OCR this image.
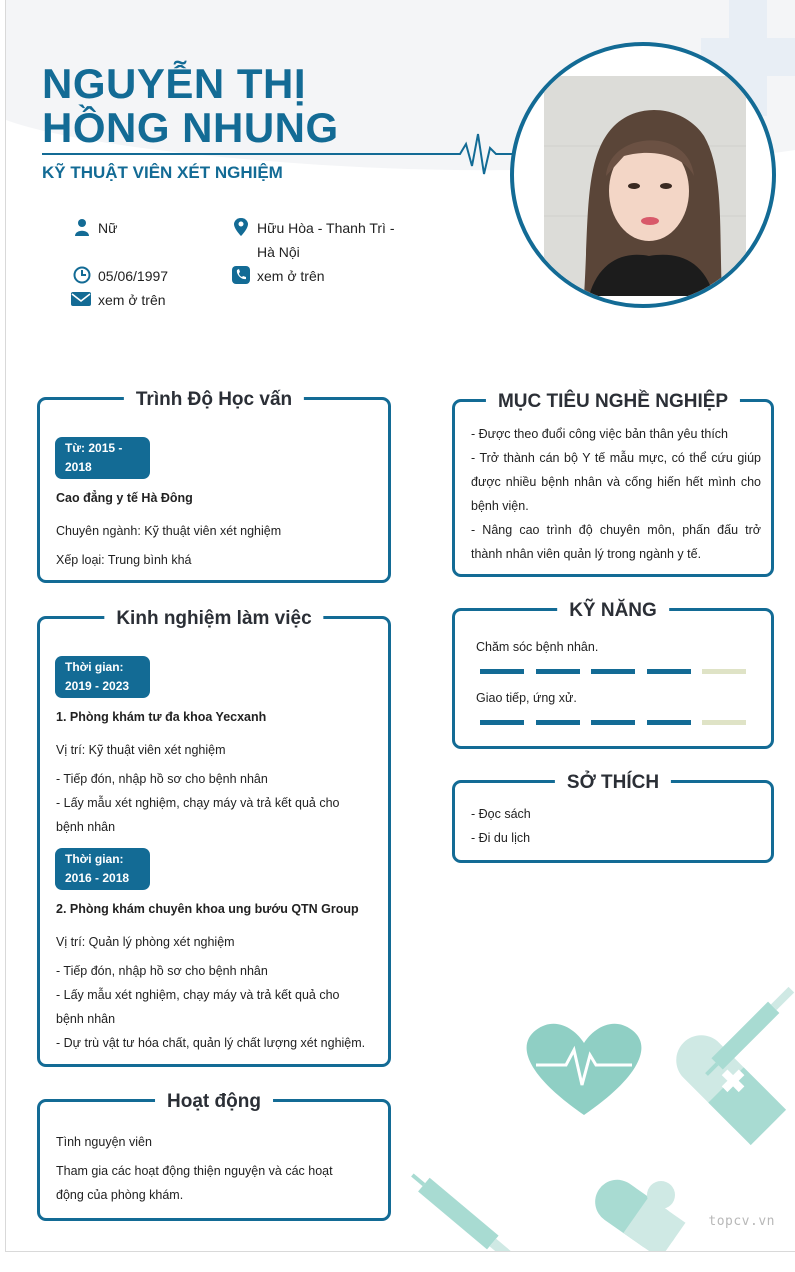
NGUYỄN THỊ
HỒNG NHUNG
KỸ THUẬT VIÊN XÉT NGHIỆM
Nữ	Hữu Hòa - Thanh Trì -
Hà Nội
05/06/1997	xem ở trên
xem ở trên
Trình Độ Học vấn
Từ: 2015 -
2018
Cao đẳng y tế Hà Đông
Chuyên ngành: Kỹ thuật viên xét nghiệm
Xếp loại: Trung bình khá
Kinh nghiệm làm việc
Thời gian:
2019 - 2023
1. Phòng khám tư đa khoa Yecxanh
Vị trí: Kỹ thuật viên xét nghiệm
- Tiếp đón, nhập hồ sơ cho bệnh nhân
- Lấy mẫu xét nghiệm, chạy máy và trả kết quả cho
bệnh nhân
Thời gian:
2016 - 2018
2. Phòng khám chuyên khoa ung bướu QTN Group
Vị trí: Quản lý phòng xét nghiệm
- Tiếp đón, nhập hồ sơ cho bệnh nhân
- Lấy mẫu xét nghiệm, chạy máy và trả kết quả cho
bệnh nhân
- Dự trù vật tư hóa chất, quản lý chất lượng xét nghiệm.
Hoạt động
Tình nguyện viên
Tham gia các hoạt động thiện nguyện và các hoạt
động của phòng khám.
MỤC TIÊU NGHỀ NGHIỆP
- Được theo đuổi công việc bản thân yêu thích
- Trở thành cán bộ Y tế mẫu mực, có thể cứu giúp
được nhiều bệnh nhân và cống hiến hết mình cho
bệnh viện.
- Nâng cao trình độ chuyên môn, phấn đấu trở
thành nhân viên quản lý trong ngành y tế.
KỸ NĂNG
Chăm sóc bệnh nhân.
Giao tiếp, ứng xử.
SỞ THÍCH
- Đọc sách
- Đi du lịch
topcv.vn
